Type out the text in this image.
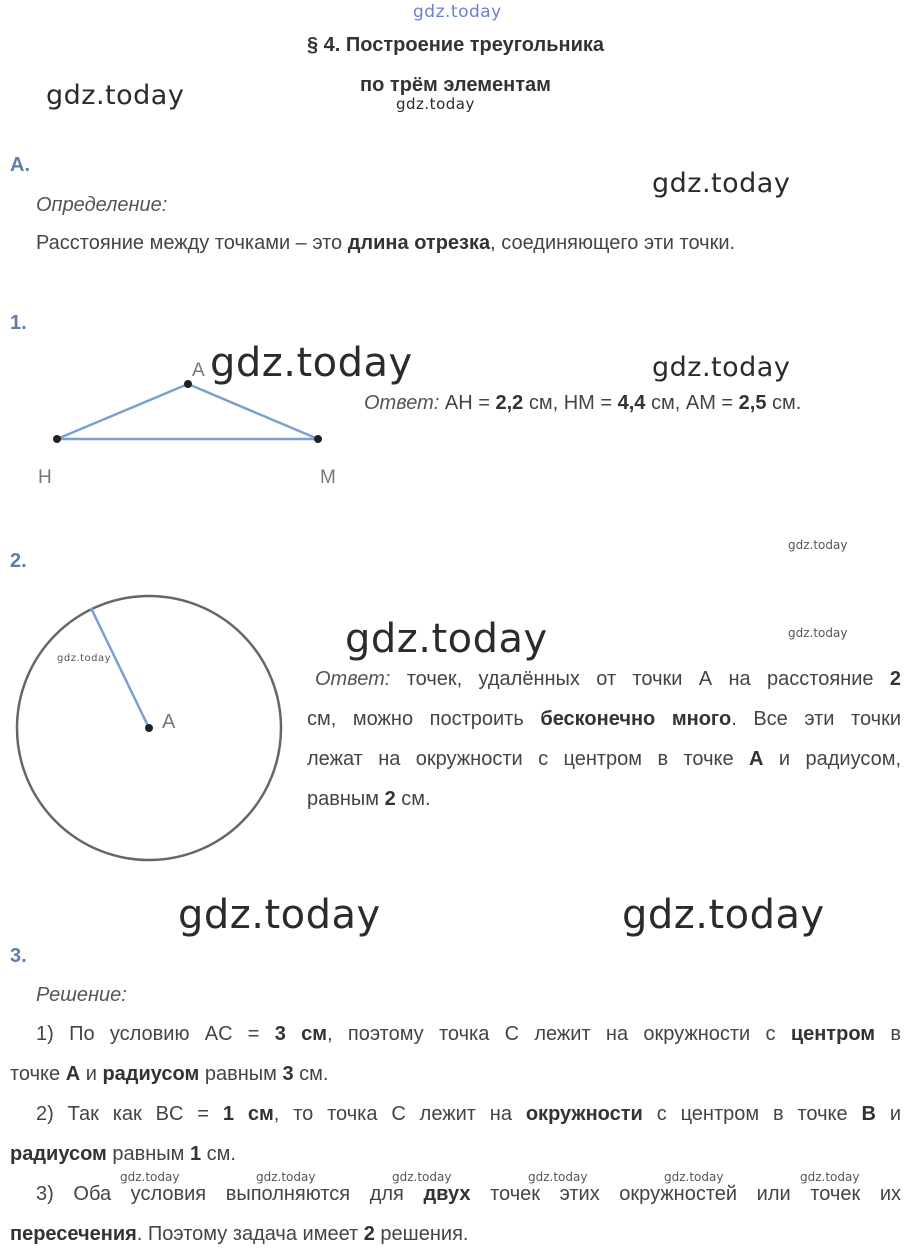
gdz.today
gdz.today	gdz.today
gdz.today
gdz.today	gdz.today
gdz.today
gdz.today
gdz.today
gdz.today
gdz.today	gdz.today
gdz.today	gdz.today	gdz.today	gdz.today	gdz.today	gdz.today
§ 4. Построение треугольника
по трём элементам
А.
Определение:
Расстояние между точками – это длина отрезка, соединяющего эти точки.
1.
A
H	M
Ответ: AH = 2,2 см, HM = 4,4 см, AM = 2,5 см.
2.
A
Ответ: точек, удалённых от точки А на расстояние 2
см, можно построить бесконечно много. Все эти точки
лежат на окружности с центром в точке А и радиусом,
равным 2 см.
3.
Решение:
1) По условию AC = 3 см, поэтому точка С лежит на окружности с центром в
точке А и радиусом равным 3 см.
2) Так как BC = 1 см, то точка С лежит на окружности с центром в точке В и
радиусом равным 1 см.
3) Оба условия выполняются для двух точек этих окружностей или точек их
пересечения. Поэтому задача имеет 2 решения.
